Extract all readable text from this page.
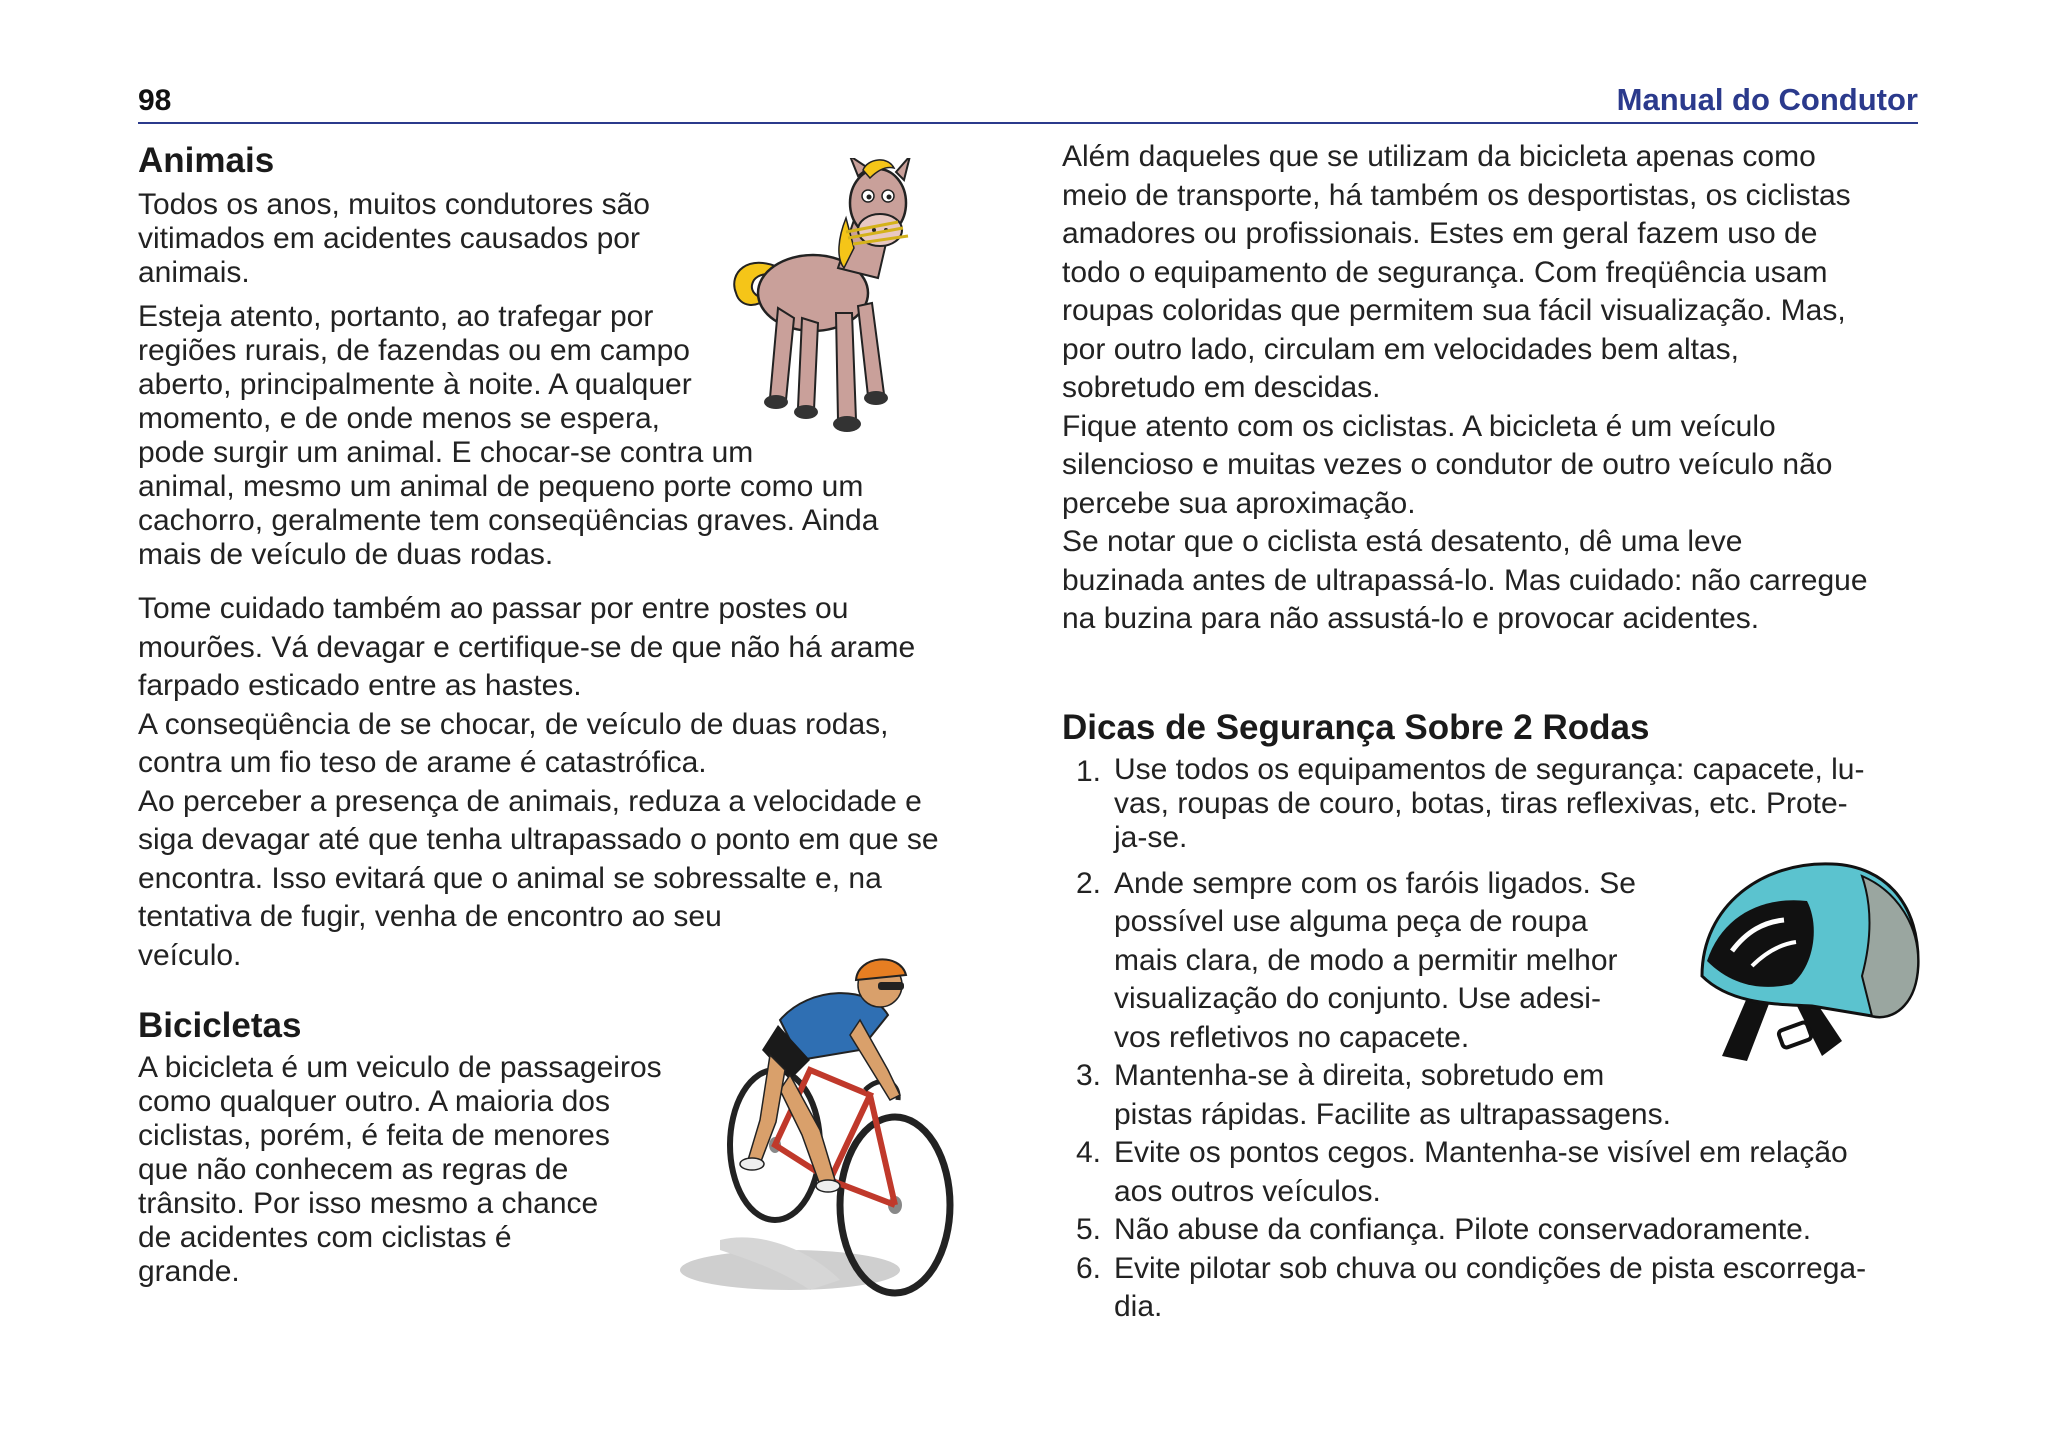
98	Manual do Condutor
Animais

Todos os anos, muitos condutores são

vitimados em acidentes causados por

animais.

Esteja atento, portanto, ao trafegar por

regiões rurais, de fazendas ou em campo

aberto, principalmente à noite. A qualquer

momento, e de onde menos se espera,

pode surgir um animal. E chocar-se contra um

animal, mesmo um animal de pequeno porte como um

cachorro, geralmente tem conseqüências graves. Ainda

mais de veículo de duas rodas.

Tome cuidado também ao passar por entre postes ou

mourões. Vá devagar e certifique-se de que não há arame

farpado esticado entre as hastes.

A conseqüência de se chocar, de veículo de duas rodas,

contra um fio teso de arame é catastrófica.

Ao perceber a presença de animais, reduza a velocidade e

siga devagar até que tenha ultrapassado o ponto em que se

encontra. Isso evitará que o animal se sobressalte e, na

tentativa de fugir, venha de encontro ao seu

veículo.

Bicicletas

A bicicleta é um veiculo de passageiros

como qualquer outro. A maioria dos

ciclistas, porém, é feita de menores

que não conhecem as regras de

trânsito. Por isso mesmo a chance

de acidentes com ciclistas é

grande.

Além daqueles que se utilizam da bicicleta apenas como

meio de transporte, há também os desportistas, os ciclistas

amadores ou profissionais. Estes em geral fazem uso de

todo o equipamento de segurança. Com freqüência usam

roupas coloridas que permitem sua fácil visualização. Mas,

por outro lado, circulam em velocidades bem altas,

sobretudo em descidas.

Fique atento com os ciclistas. A bicicleta é um veículo

silencioso e muitas vezes o condutor de outro veículo não

percebe sua aproximação.

Se notar que o ciclista está desatento, dê uma leve

buzinada antes de ultrapassá-lo. Mas cuidado: não carregue

na buzina para não assustá-lo e provocar acidentes.

Dicas de Segurança Sobre 2 Rodas
1. Use todos os equipamentos de segurança: capacete, lu-
vas, roupas de couro, botas, tiras reflexivas, etc. Prote-
ja-se.
2. Ande sempre com os faróis ligados. Se
possível use alguma peça de roupa
mais clara, de modo a permitir melhor
visualização do conjunto. Use adesi-
vos refletivos no capacete.
3. Mantenha-se à direita, sobretudo em
pistas rápidas. Facilite as ultrapassagens.
4. Evite os pontos cegos. Mantenha-se visível em relação
aos outros veículos.
5. Não abuse da confiança. Pilote conservadoramente.
6. Evite pilotar sob chuva ou condições de pista escorrega-
dia.
